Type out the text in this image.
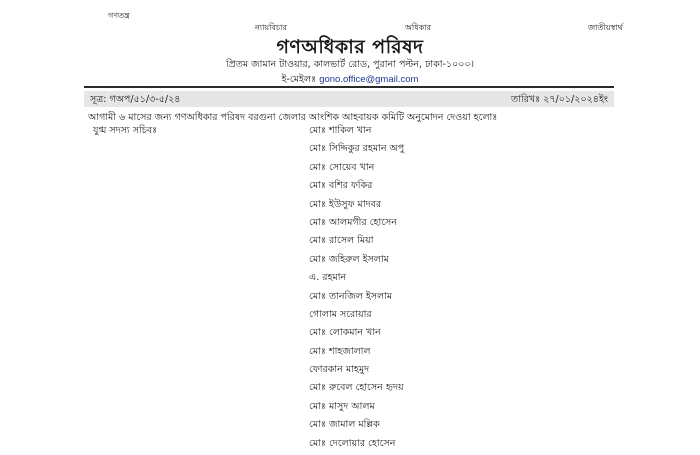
গণতন্ত্র
ন্যায়বিচার	অধিকার	জাতীয়স্বার্থ
গণঅধিকার পরিষদ
প্রিতম জামান টাওয়ার, কালভার্ট রোড, পুরানা পল্টন, ঢাকা-১০০০।
ই-মেইলঃ gono.office@gmail.com
সূত্র: গঅপ/৫১/৩-৫/২৪	তারিখঃ ২৭/০১/২০২৪ইং
আগামী ৬ মাসের জন্য গণঅধিকার পরিষদ বরগুনা জেলার আংশিক আহবায়ক কমিটি অনুমোদন দেওয়া হলোঃ
যুগ্ম সদস্য সচিবঃ	মোঃ শাকিল খান
মোঃ সিদ্দিকুর রহমান অপু
মোঃ সোয়েব খান
মোঃ বশির ফকির
মোঃ ইউসুফ মাদবর
মোঃ আলমগীর হোসেন
মোঃ রাসেল মিয়া
মোঃ জহিরুল ইসলাম
এ. রহমান
মোঃ তানজিল ইসলাম
গোলাম সরোয়ার
মোঃ লোকমান খান
মোঃ শাহজালাল
ফোরকান মাহমুদ
মোঃ রুবেল হোসেন হৃদয়
মোঃ মাসুদ আলম
মোঃ জামাল মল্লিক
মোঃ দেলোয়ার হোসেন
